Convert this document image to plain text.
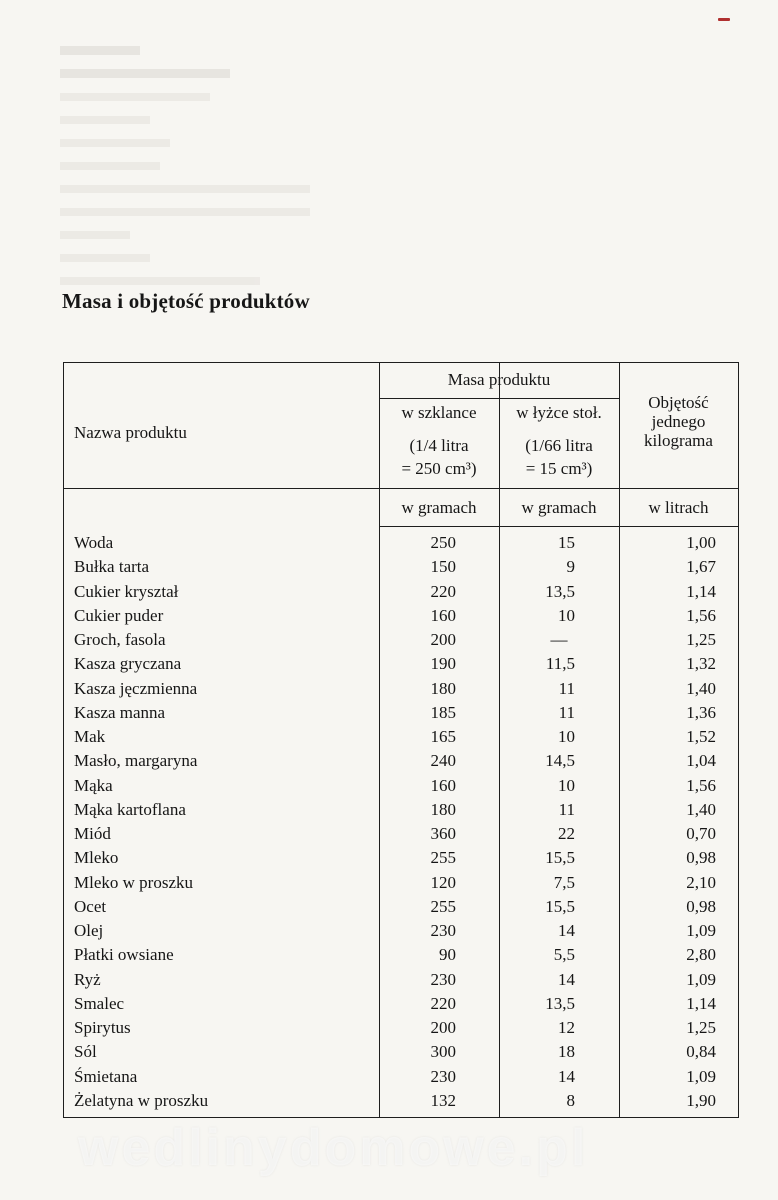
Masa i objętość produktów
Nazwa produktu
Masa produktu
w szklance
(1/4 litra
= 250 cm³)
w łyżce stoł.
(1/66 litra
= 15 cm³)
Objętość
jednego
kilograma
w gramach	w gramach	w litrach
Woda	250	15	1,00
Bułka tarta	150	9	1,67
Cukier kryształ	220	13,5	1,14
Cukier puder	160	10	1,56
Groch, fasola	200	—	1,25
Kasza gryczana	190	11,5	1,32
Kasza jęczmienna	180	11	1,40
Kasza manna	185	11	1,36
Mak	165	10	1,52
Masło, margaryna	240	14,5	1,04
Mąka	160	10	1,56
Mąka kartoflana	180	11	1,40
Miód	360	22	0,70
Mleko	255	15,5	0,98
Mleko w proszku	120	7,5	2,10
Ocet	255	15,5	0,98
Olej	230	14	1,09
Płatki owsiane	90	5,5	2,80
Ryż	230	14	1,09
Smalec	220	13,5	1,14
Spirytus	200	12	1,25
Sól	300	18	0,84
Śmietana	230	14	1,09
Żelatyna w proszku	132	8	1,90
wedlinydomowe.pl
